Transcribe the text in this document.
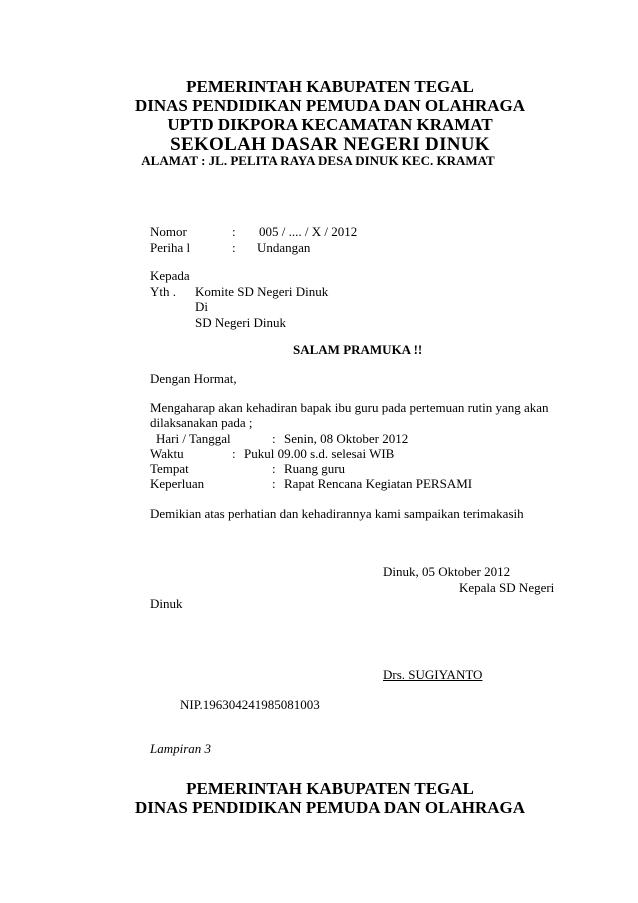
PEMERINTAH KABUPATEN TEGAL
DINAS PENDIDIKAN PEMUDA DAN OLAHRAGA
UPTD DIKPORA KECAMATAN KRAMAT
SEKOLAH DASAR NEGERI DINUK
ALAMAT : JL. PELITA RAYA DESA DINUK KEC. KRAMAT
Nomor	: 005 / .... / X / 2012
Periha l	: Undangan
Kepada
Yth . Komite SD Negeri Dinuk
Di
SD Negeri Dinuk
SALAM PRAMUKA !!
Dengan Hormat,
Mengaharap akan kehadiran bapak ibu guru pada pertemuan rutin yang akan
dilaksanakan pada ;
Hari / Tanggal	: Senin, 08 Oktober 2012
Waktu	: Pukul 09.00 s.d. selesai WIB
Tempat	: Ruang guru
Keperluan	: Rapat Rencana Kegiatan PERSAMI
Demikian atas perhatian dan kehadirannya kami sampaikan terimakasih
Dinuk, 05 Oktober 2012
Kepala SD Negeri
Dinuk
Drs. SUGIYANTO
NIP.196304241985081003
Lampiran 3
PEMERINTAH KABUPATEN TEGAL
DINAS PENDIDIKAN PEMUDA DAN OLAHRAGA
